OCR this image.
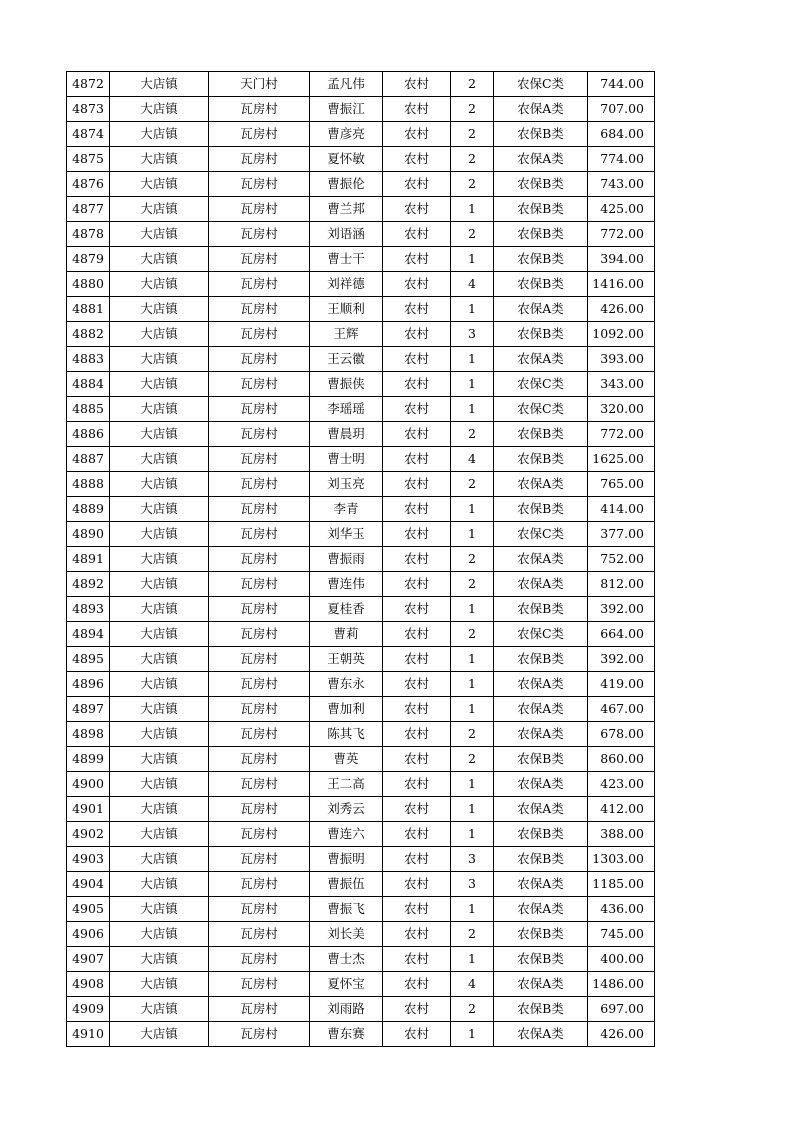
4872	大店镇	天门村	孟凡伟	农村	2	农保C类	744.00
4873	大店镇	瓦房村	曹振江	农村	2	农保A类	707.00
4874	大店镇	瓦房村	曹彦亮	农村	2	农保B类	684.00
4875	大店镇	瓦房村	夏怀敏	农村	2	农保A类	774.00
4876	大店镇	瓦房村	曹振伦	农村	2	农保B类	743.00
4877	大店镇	瓦房村	曹兰邦	农村	1	农保B类	425.00
4878	大店镇	瓦房村	刘语涵	农村	2	农保B类	772.00
4879	大店镇	瓦房村	曹士干	农村	1	农保B类	394.00
4880	大店镇	瓦房村	刘祥德	农村	4	农保B类	1416.00
4881	大店镇	瓦房村	王顺利	农村	1	农保A类	426.00
4882	大店镇	瓦房村	王辉	农村	3	农保B类	1092.00
4883	大店镇	瓦房村	王云徽	农村	1	农保A类	393.00
4884	大店镇	瓦房村	曹振侠	农村	1	农保C类	343.00
4885	大店镇	瓦房村	李瑶瑶	农村	1	农保C类	320.00
4886	大店镇	瓦房村	曹晨玥	农村	2	农保B类	772.00
4887	大店镇	瓦房村	曹士明	农村	4	农保B类	1625.00
4888	大店镇	瓦房村	刘玉亮	农村	2	农保A类	765.00
4889	大店镇	瓦房村	李青	农村	1	农保B类	414.00
4890	大店镇	瓦房村	刘华玉	农村	1	农保C类	377.00
4891	大店镇	瓦房村	曹振雨	农村	2	农保A类	752.00
4892	大店镇	瓦房村	曹连伟	农村	2	农保A类	812.00
4893	大店镇	瓦房村	夏桂香	农村	1	农保B类	392.00
4894	大店镇	瓦房村	曹莉	农村	2	农保C类	664.00
4895	大店镇	瓦房村	王朝英	农村	1	农保B类	392.00
4896	大店镇	瓦房村	曹东永	农村	1	农保A类	419.00
4897	大店镇	瓦房村	曹加利	农村	1	农保A类	467.00
4898	大店镇	瓦房村	陈其飞	农村	2	农保A类	678.00
4899	大店镇	瓦房村	曹英	农村	2	农保B类	860.00
4900	大店镇	瓦房村	王二高	农村	1	农保A类	423.00
4901	大店镇	瓦房村	刘秀云	农村	1	农保A类	412.00
4902	大店镇	瓦房村	曹连六	农村	1	农保B类	388.00
4903	大店镇	瓦房村	曹振明	农村	3	农保B类	1303.00
4904	大店镇	瓦房村	曹振伍	农村	3	农保A类	1185.00
4905	大店镇	瓦房村	曹振飞	农村	1	农保A类	436.00
4906	大店镇	瓦房村	刘长美	农村	2	农保B类	745.00
4907	大店镇	瓦房村	曹士杰	农村	1	农保B类	400.00
4908	大店镇	瓦房村	夏怀宝	农村	4	农保A类	1486.00
4909	大店镇	瓦房村	刘雨路	农村	2	农保B类	697.00
4910	大店镇	瓦房村	曹东赛	农村	1	农保A类	426.00
